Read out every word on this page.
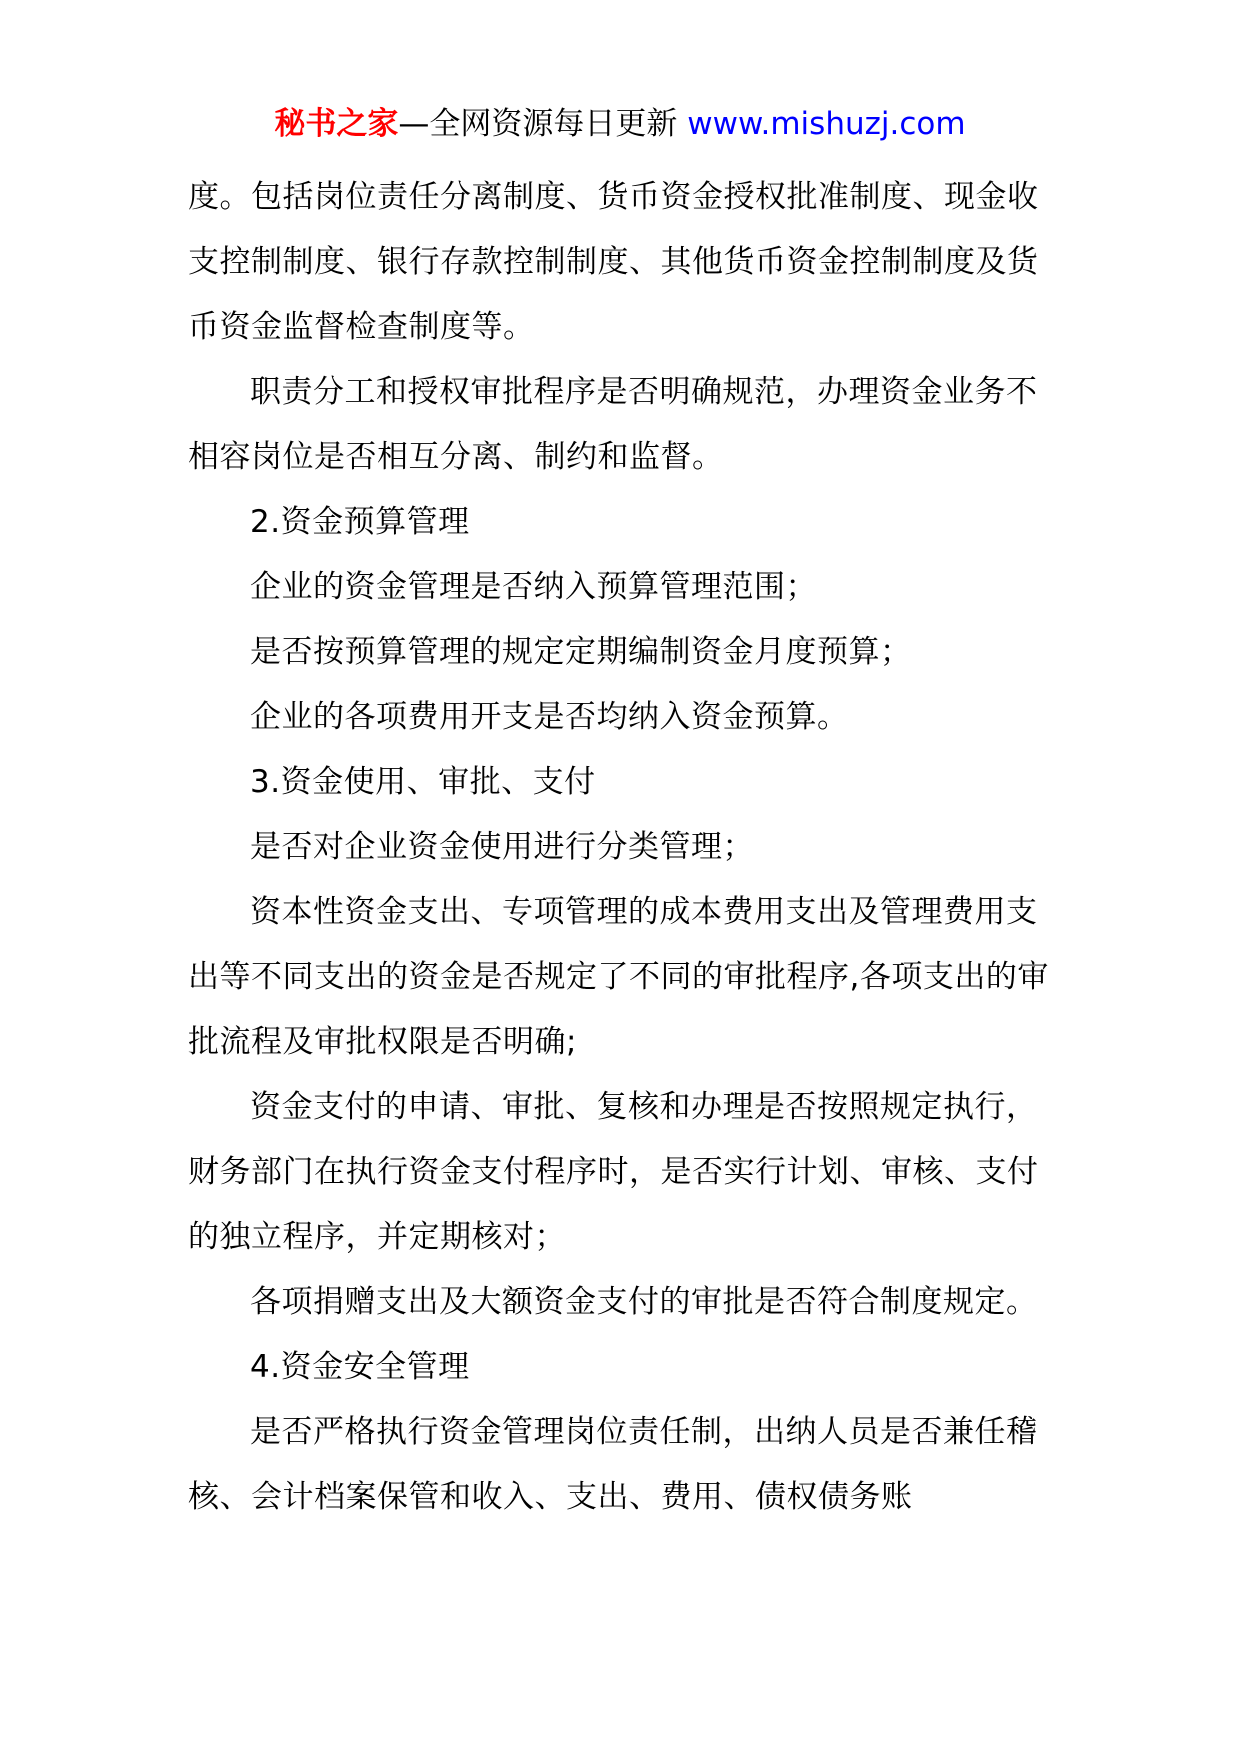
秘书之家—全网资源每日更新 www.mishuzj.com

度。包括岗位责任分离制度、货币资金授权批准制度、现金收支控制制度、银行存款控制制度、其他货币资金控制制度及货币资金监督检查制度等。

职责分工和授权审批程序是否明确规范，办理资金业务不相容岗位是否相互分离、制约和监督。

2.资金预算管理

企业的资金管理是否纳入预算管理范围；

是否按预算管理的规定定期编制资金月度预算；

企业的各项费用开支是否均纳入资金预算。

3.资金使用、审批、支付

是否对企业资金使用进行分类管理；

资本性资金支出、专项管理的成本费用支出及管理费用支出等不同支出的资金是否规定了不同的审批程序,各项支出的审批流程及审批权限是否明确;

资金支付的申请、审批、复核和办理是否按照规定执行，财务部门在执行资金支付程序时，是否实行计划、审核、支付的独立程序，并定期核对；

各项捐赠支出及大额资金支付的审批是否符合制度规定。

4.资金安全管理

是否严格执行资金管理岗位责任制，出纳人员是否兼任稽核、会计档案保管和收入、支出、费用、债权债务账
